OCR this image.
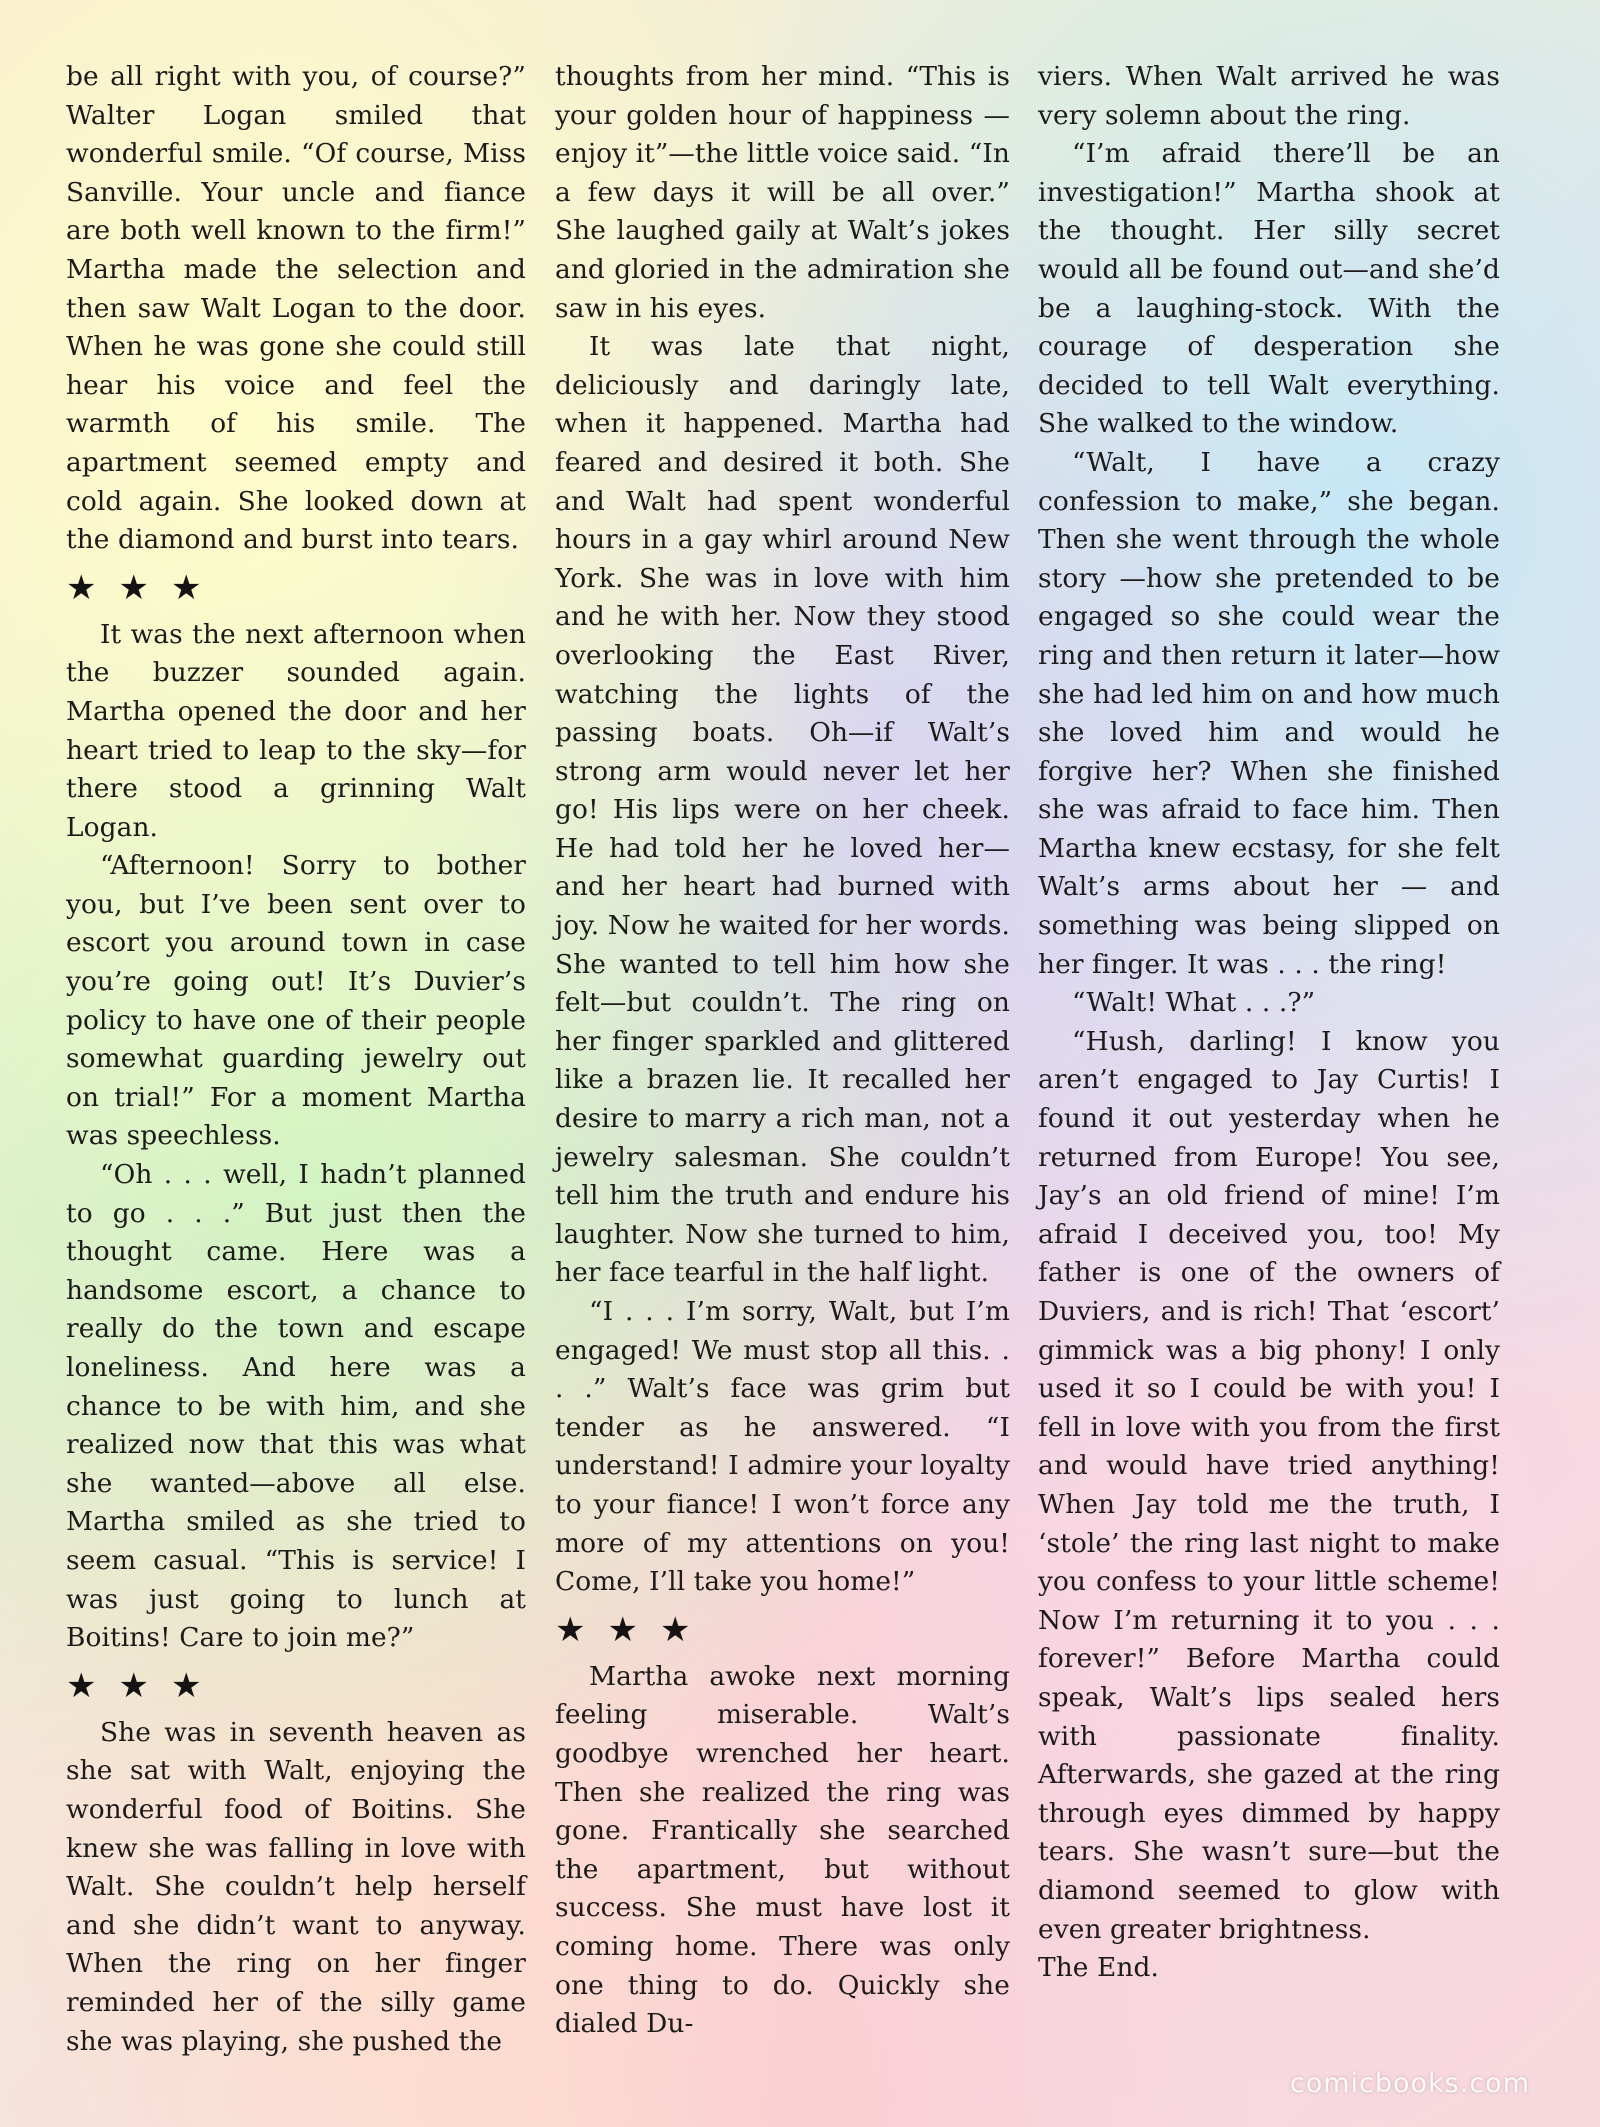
be all right with you, of course?” Walter Logan smiled that wonderful smile. “Of course, Miss Sanville. Your uncle and fiance are both well known to the firm!” Martha made the selection and then saw Walt Logan to the door. When he was gone she could still hear his voice and feel the warmth of his smile. The apartment seemed empty and cold again. She looked down at the diamond and burst into tears.

★★★

It was the next afternoon when the buzzer sounded again. Martha opened the door and her heart tried to leap to the sky—for there stood a grinning Walt Logan.

“Afternoon! Sorry to bother you, but I’ve been sent over to escort you around town in case you’re going out! It’s Duvier’s policy to have one of their people somewhat guarding jewelry out on trial!” For a moment Martha was speechless.

“Oh . . . well, I hadn’t planned to go . . .” But just then the thought came. Here was a handsome escort, a chance to really do the town and escape loneliness. And here was a chance to be with him, and she realized now that this was what she wanted—above all else. Martha smiled as she tried to seem casual. “This is service! I was just going to lunch at Boitins! Care to join me?”

★★★

She was in seventh heaven as she sat with Walt, enjoying the wonderful food of Boitins. She knew she was falling in love with Walt. She couldn’t help herself and she didn’t want to anyway. When the ring on her finger reminded her of the silly game she was playing, she pushed the

thoughts from her mind. “This is your golden hour of happiness —enjoy it”—the little voice said. “In a few days it will be all over.” She laughed gaily at Walt’s jokes and gloried in the admiration she saw in his eyes.

It was late that night, deliciously and daringly late, when it happened. Martha had feared and desired it both. She and Walt had spent wonderful hours in a gay whirl around New York. She was in love with him and he with her. Now they stood overlooking the East River, watching the lights of the passing boats. Oh—if Walt’s strong arm would never let her go! His lips were on her cheek. He had told her he loved her—and her heart had burned with joy. Now he waited for her words. She wanted to tell him how she felt—but couldn’t. The ring on her finger sparkled and glittered like a brazen lie. It recalled her desire to marry a rich man, not a jewelry salesman. She couldn’t tell him the truth and endure his laughter. Now she turned to him, her face tearful in the half light.

“I . . . I’m sorry, Walt, but I’m engaged! We must stop all this. . . .” Walt’s face was grim but tender as he answered. “I understand! I admire your loyalty to your fiance! I won’t force any more of my attentions on you! Come, I’ll take you home!”

★★★

Martha awoke next morning feeling miserable. Walt’s goodbye wrenched her heart. Then she realized the ring was gone. Frantically she searched the apartment, but without success. She must have lost it coming home. There was only one thing to do. Quickly she dialed Du-

viers. When Walt arrived he was very solemn about the ring.

“I’m afraid there’ll be an investigation!” Martha shook at the thought. Her silly secret would all be found out—and she’d be a laughing-stock. With the courage of desperation she decided to tell Walt everything. She walked to the window.

“Walt, I have a crazy confession to make,” she began. Then she went through the whole story —how she pretended to be engaged so she could wear the ring and then return it later—how she had led him on and how much she loved him and would he forgive her? When she finished she was afraid to face him. Then Martha knew ecstasy, for she felt Walt’s arms about her — and something was being slipped on her finger. It was . . . the ring!

“Walt! What . . .?”

“Hush, darling! I know you aren’t engaged to Jay Curtis! I found it out yesterday when he returned from Europe! You see, Jay’s an old friend of mine! I’m afraid I deceived you, too! My father is one of the owners of Duviers, and is rich! That ‘escort’ gimmick was a big phony! I only used it so I could be with you! I fell in love with you from the first and would have tried anything! When Jay told me the truth, I ‘stole’ the ring last night to make you confess to your little scheme! Now I’m returning it to you . . . forever!” Before Martha could speak, Walt’s lips sealed hers with passionate finality. Afterwards, she gazed at the ring through eyes dimmed by happy tears. She wasn’t sure—but the diamond seemed to glow with even greater brightness.

The End.

comicbooks.com
